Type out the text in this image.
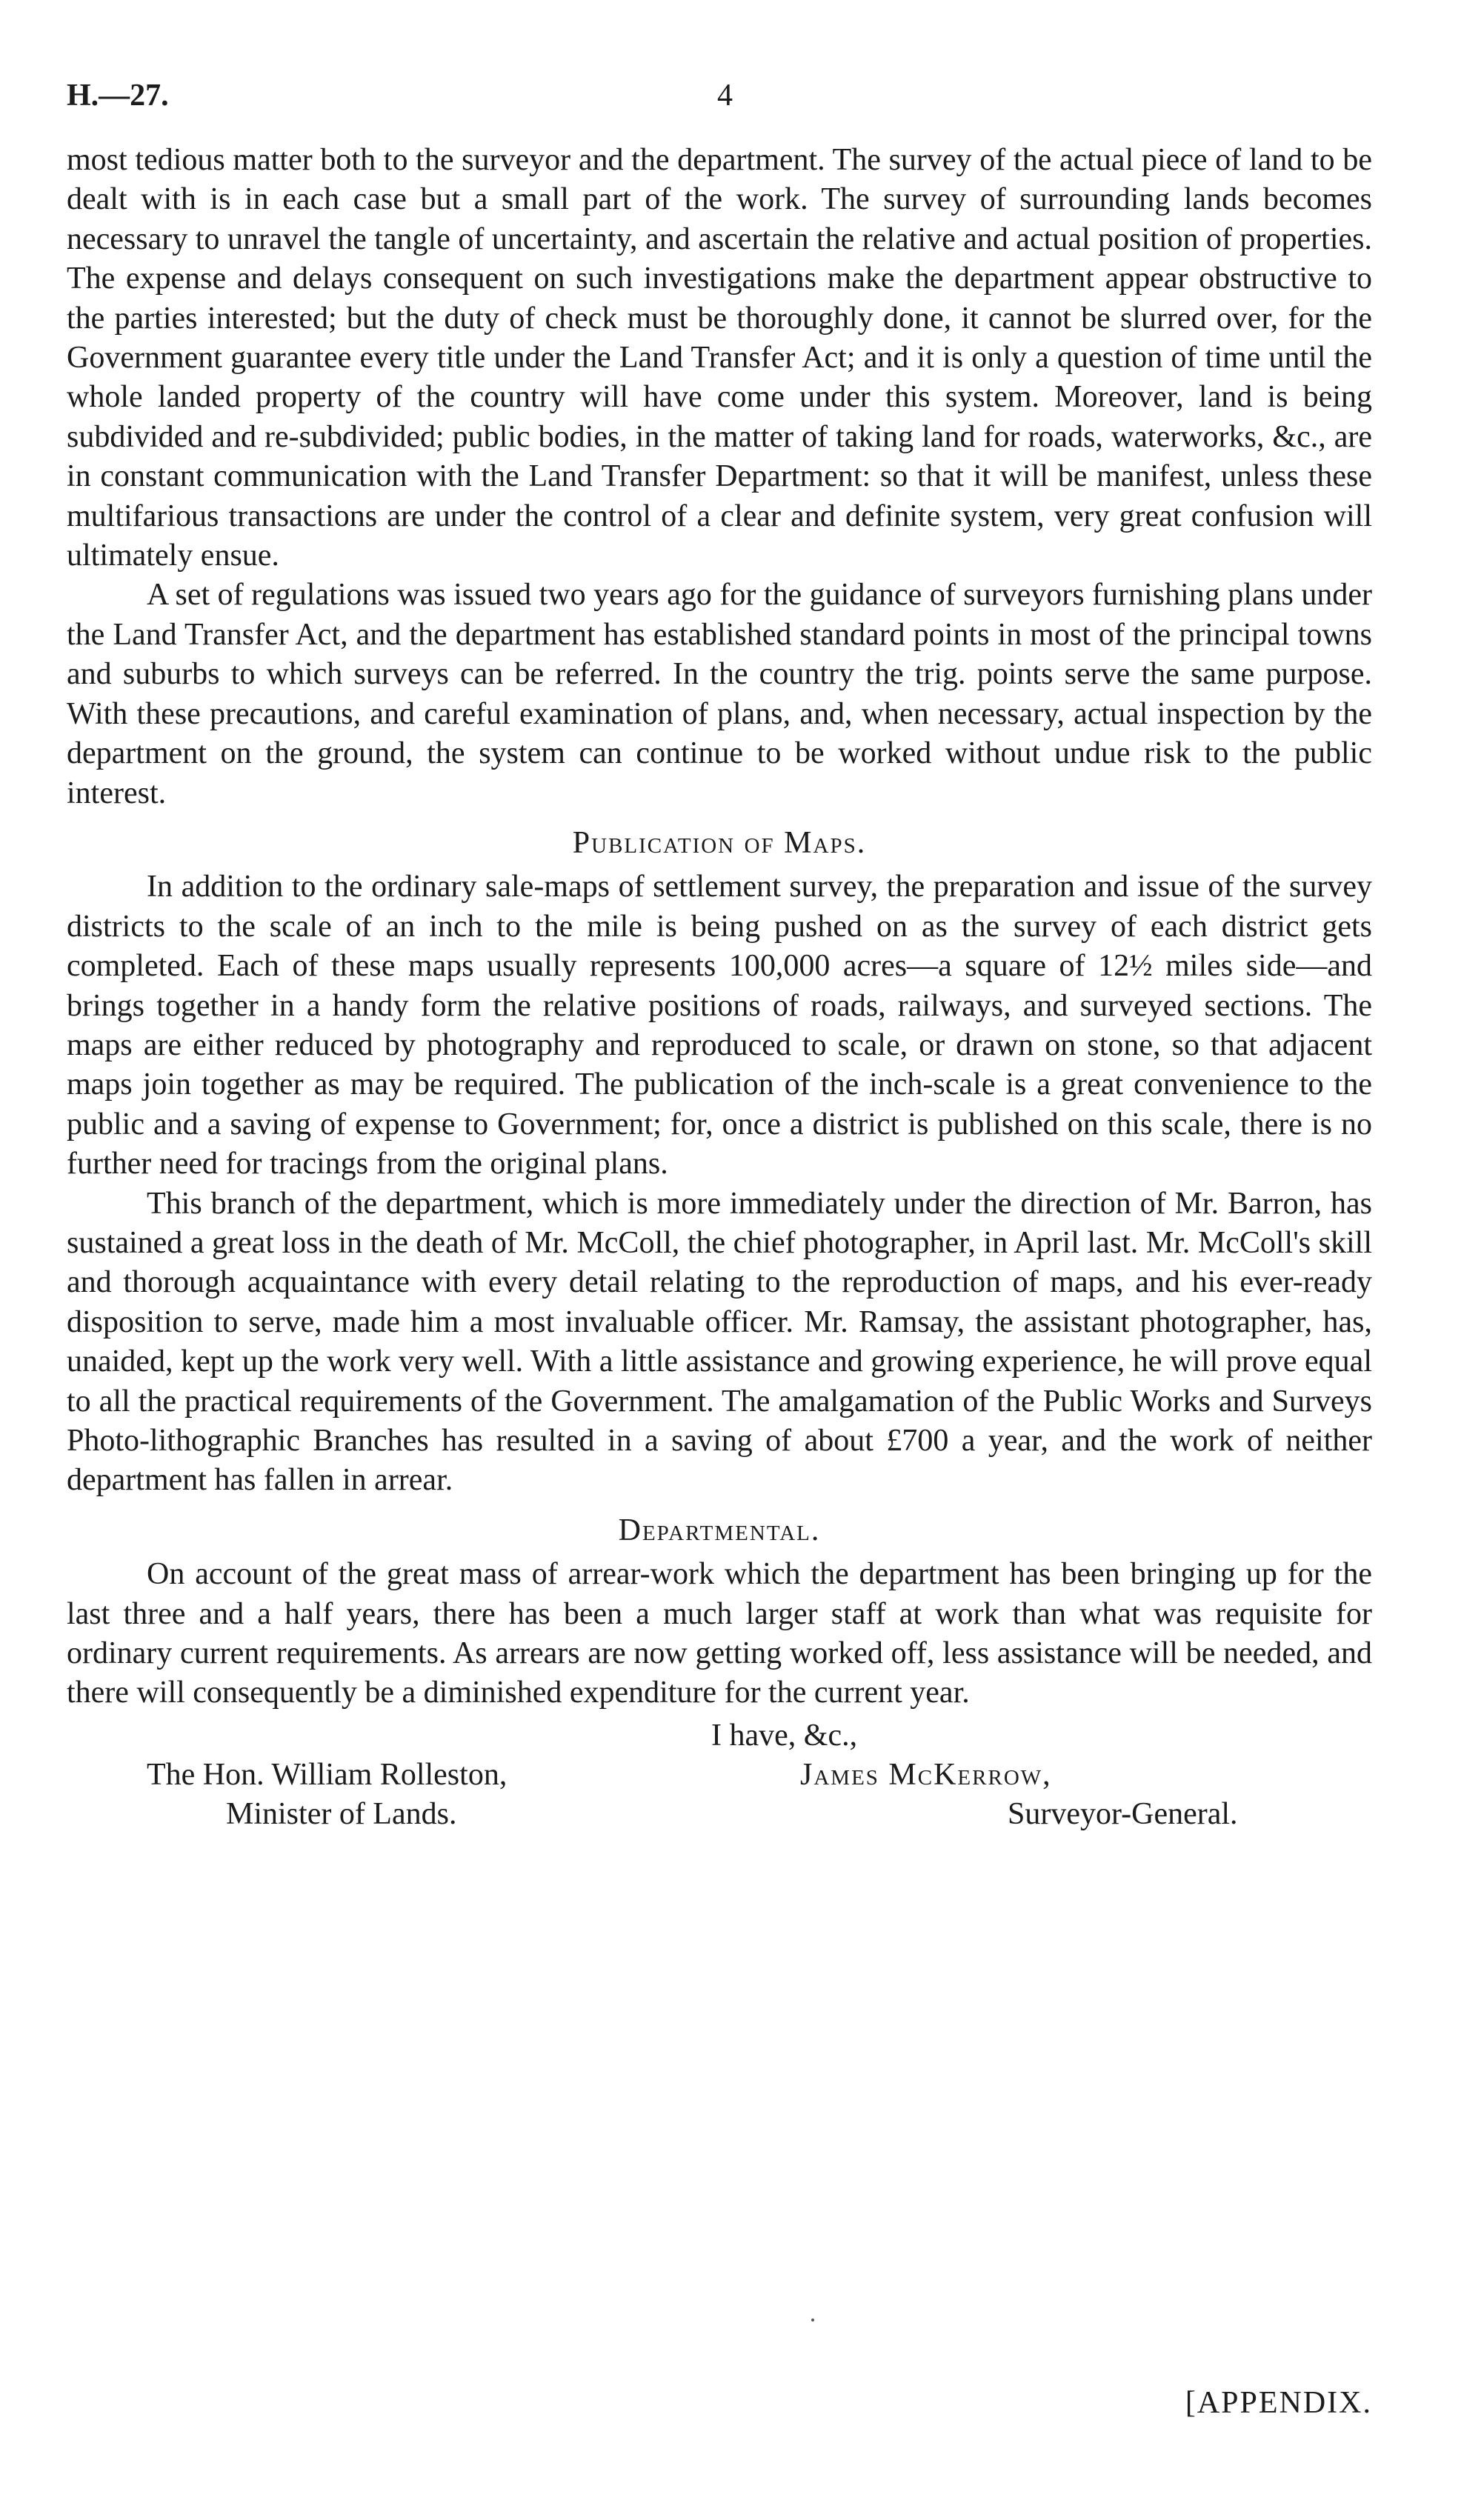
H.—27.	4

most tedious matter both to the surveyor and the department. The survey of the actual piece of land to be dealt with is in each case but a small part of the work. The survey of surrounding lands becomes necessary to unravel the tangle of uncertainty, and ascertain the relative and actual position of properties. The expense and delays consequent on such investigations make the department appear obstructive to the parties interested; but the duty of check must be thoroughly done, it cannot be slurred over, for the Government guarantee every title under the Land Transfer Act; and it is only a question of time until the whole landed property of the country will have come under this system. Moreover, land is being subdivided and re-subdivided; public bodies, in the matter of taking land for roads, waterworks, &c., are in constant communication with the Land Transfer Department: so that it will be manifest, unless these multifarious transactions are under the control of a clear and definite system, very great confusion will ultimately ensue.

A set of regulations was issued two years ago for the guidance of surveyors furnishing plans under the Land Transfer Act, and the department has established standard points in most of the principal towns and suburbs to which surveys can be referred. In the country the trig. points serve the same purpose. With these precautions, and careful examination of plans, and, when necessary, actual inspection by the department on the ground, the system can continue to be worked without undue risk to the public interest.

Publication of Maps.

In addition to the ordinary sale-maps of settlement survey, the preparation and issue of the survey districts to the scale of an inch to the mile is being pushed on as the survey of each district gets completed. Each of these maps usually represents 100,000 acres—a square of 12½ miles side—and brings together in a handy form the relative positions of roads, railways, and surveyed sections. The maps are either reduced by photography and reproduced to scale, or drawn on stone, so that adjacent maps join together as may be required. The publication of the inch-scale is a great convenience to the public and a saving of expense to Government; for, once a district is published on this scale, there is no further need for tracings from the original plans.

This branch of the department, which is more immediately under the direction of Mr. Barron, has sustained a great loss in the death of Mr. McColl, the chief photographer, in April last. Mr. McColl's skill and thorough acquaintance with every detail relating to the reproduction of maps, and his ever-ready disposition to serve, made him a most invaluable officer. Mr. Ramsay, the assistant photographer, has, unaided, kept up the work very well. With a little assistance and growing experience, he will prove equal to all the practical requirements of the Government. The amalgamation of the Public Works and Surveys Photo-lithographic Branches has resulted in a saving of about £700 a year, and the work of neither department has fallen in arrear.

Departmental.

On account of the great mass of arrear-work which the department has been bringing up for the last three and a half years, there has been a much larger staff at work than what was requisite for ordinary current requirements. As arrears are now getting worked off, less assistance will be needed, and there will consequently be a diminished expenditure for the current year.

I have, &c.,
The Hon. William Rolleston,	James McKerrow,
Minister of Lands.	Surveyor-General.
[APPENDIX.
